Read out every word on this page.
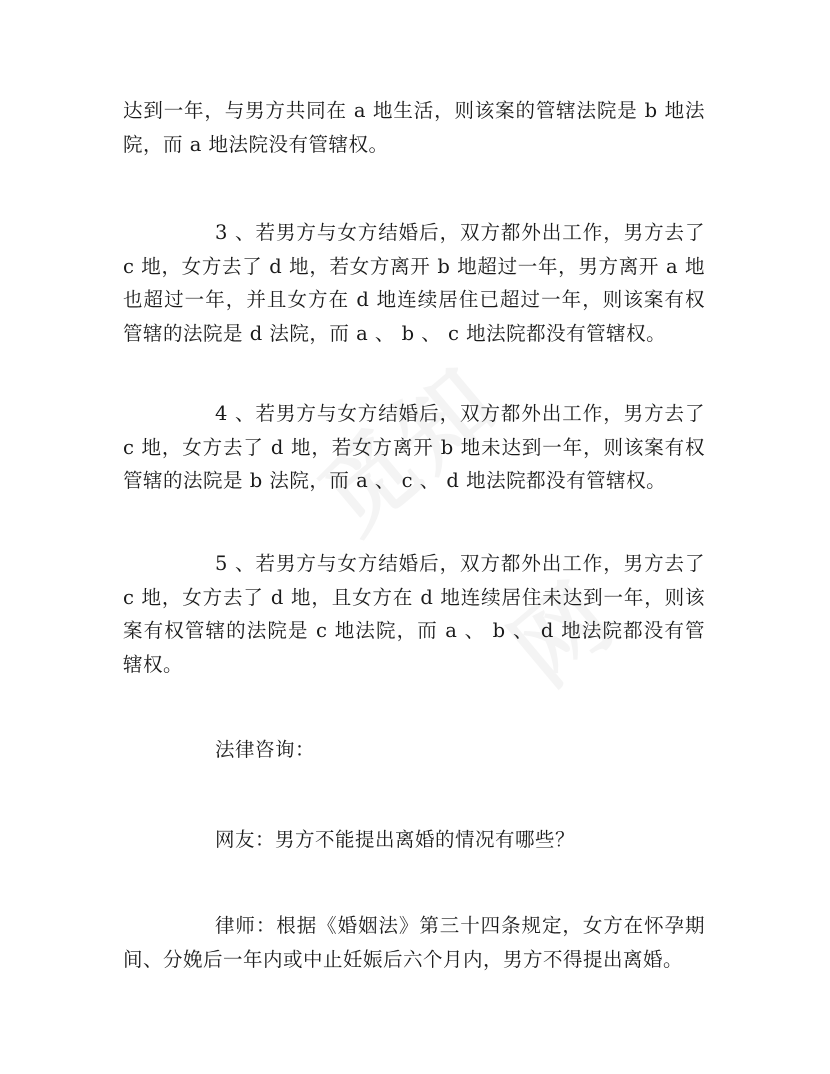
达到一年，与男方共同在 a 地生活，则该案的管辖法院是 b 地法院，而 a 地法院没有管辖权。

3 、若男方与女方结婚后，双方都外出工作，男方去了 c 地，女方去了 d 地，若女方离开 b 地超过一年，男方离开 a 地也超过一年，并且女方在 d 地连续居住已超过一年，则该案有权管辖的法院是 d 法院，而 a 、 b 、 c 地法院都没有管辖权。

4 、若男方与女方结婚后，双方都外出工作，男方去了 c 地，女方去了 d 地，若女方离开 b 地未达到一年，则该案有权管辖的法院是 b 法院，而 a 、 c 、 d 地法院都没有管辖权。

5 、若男方与女方结婚后，双方都外出工作，男方去了 c 地，女方去了 d 地，且女方在 d 地连续居住未达到一年，则该案有权管辖的法院是 c 地法院，而 a 、 b 、 d 地法院都没有管辖权。

法律咨询：

网友：男方不能提出离婚的情况有哪些？

律师：根据《婚姻法》第三十四条规定，女方在怀孕期间、分娩后一年内或中止妊娠后六个月内，男方不得提出离婚。
